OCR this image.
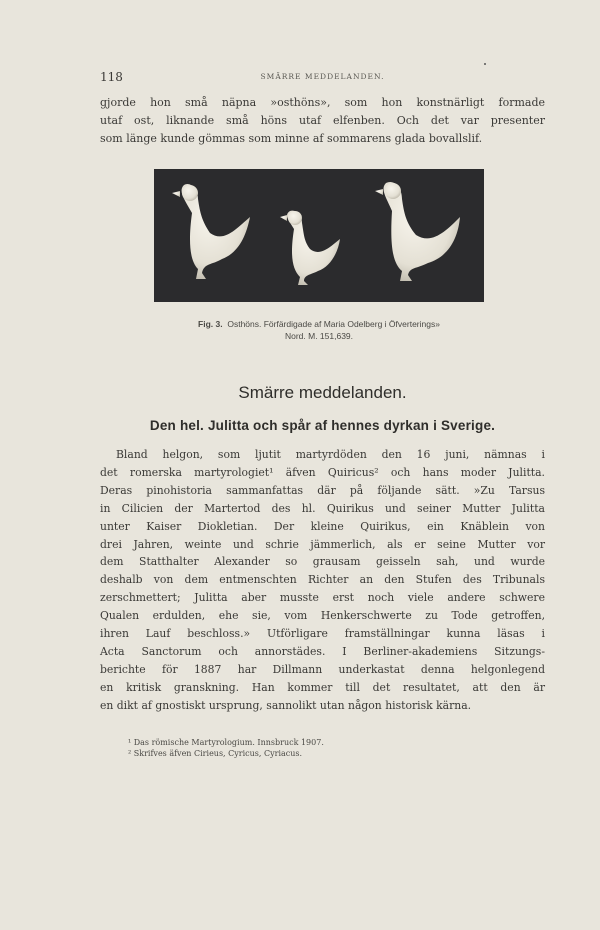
118	SMÄRRE MEDDELANDEN.
gjorde hon små näpna »osthöns», som hon konstnärligt formade
utaf ost, liknande små höns utaf elfenben. Och det var presenter
som länge kunde gömmas som minne af sommarens glada bovallslif.
Fig. 3. Osthöns. Förfärdigade af Maria Odelberg i Öfverterings»
Nord. M. 151,639.
Smärre meddelanden.
Den hel. Julitta och spår af hennes dyrkan i Sverige.
Bland helgon, som ljutit martyrdöden den 16 juni, nämnas i
det romerska martyrologiet¹ äfven Quiricus² och hans moder Julitta.
Deras pinohistoria sammanfattas där på följande sätt. »Zu Tarsus
in Cilicien der Martertod des hl. Quirikus und seiner Mutter Julitta
unter Kaiser Diokletian. Der kleine Quirikus, ein Knäblein von
drei Jahren, weinte und schrie jämmerlich, als er seine Mutter vor
dem Statthalter Alexander so grausam geisseln sah, und wurde
deshalb von dem entmenschten Richter an den Stufen des Tribunals
zerschmettert; Julitta aber musste erst noch viele andere schwere
Qualen erdulden, ehe sie, vom Henkerschwerte zu Tode getroffen,
ihren Lauf beschloss.» Utförligare framställningar kunna läsas i
Acta Sanctorum och annorstädes. I Berliner-akademiens Sitzungs-
berichte för 1887 har Dillmann underkastat denna helgonlegend
en kritisk granskning. Han kommer till det resultatet, att den är
en dikt af gnostiskt ursprung, sannolikt utan någon historisk kärna.
¹ Das römische Martyrologium. Innsbruck 1907.
² Skrifves äfven Cirieus, Cyricus, Cyriacus.
